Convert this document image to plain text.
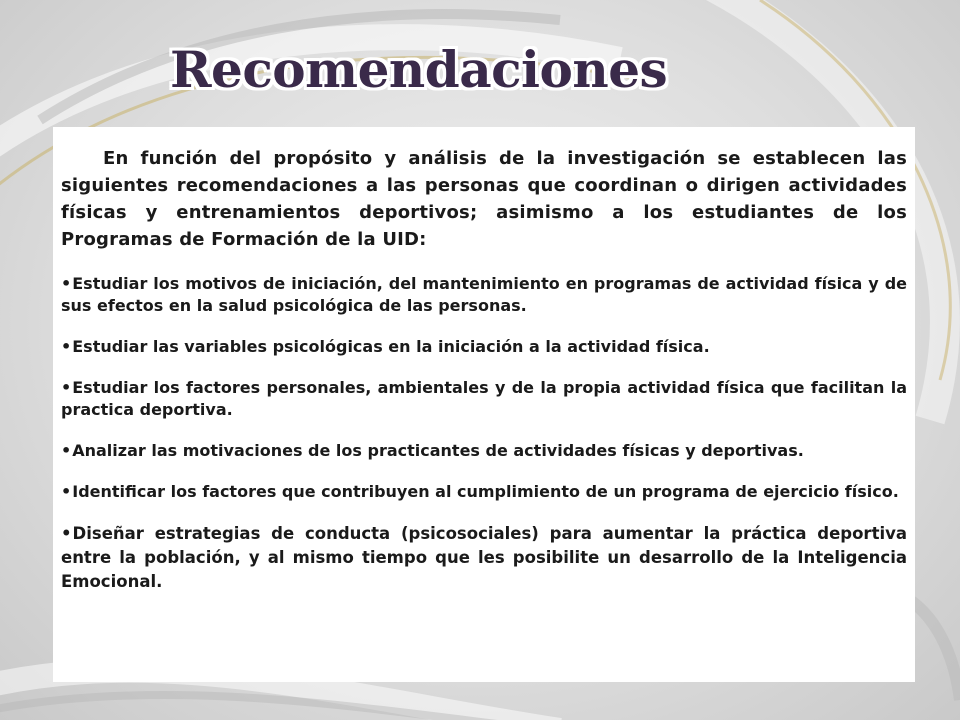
Recomendaciones

En función del propósito y análisis de la investigación se establecen las siguientes recomendaciones a las personas que coordinan o dirigen actividades físicas y entrenamientos deportivos; asimismo a los estudiantes de los Programas de Formación de la UID:

•Estudiar los motivos de iniciación, del mantenimiento en programas de actividad física y de sus efectos en la salud psicológica de las personas.
•Estudiar las variables psicológicas en la iniciación a la actividad física.
•Estudiar los factores personales, ambientales y de la propia actividad física que facilitan la practica deportiva.
•Analizar las motivaciones de los practicantes de actividades físicas y deportivas.
•Identificar los factores que contribuyen al cumplimiento de un programa de ejercicio físico.
•Diseñar estrategias de conducta (psicosociales) para aumentar la práctica deportiva entre la población, y al mismo tiempo que les posibilite un desarrollo de la Inteligencia Emocional.
